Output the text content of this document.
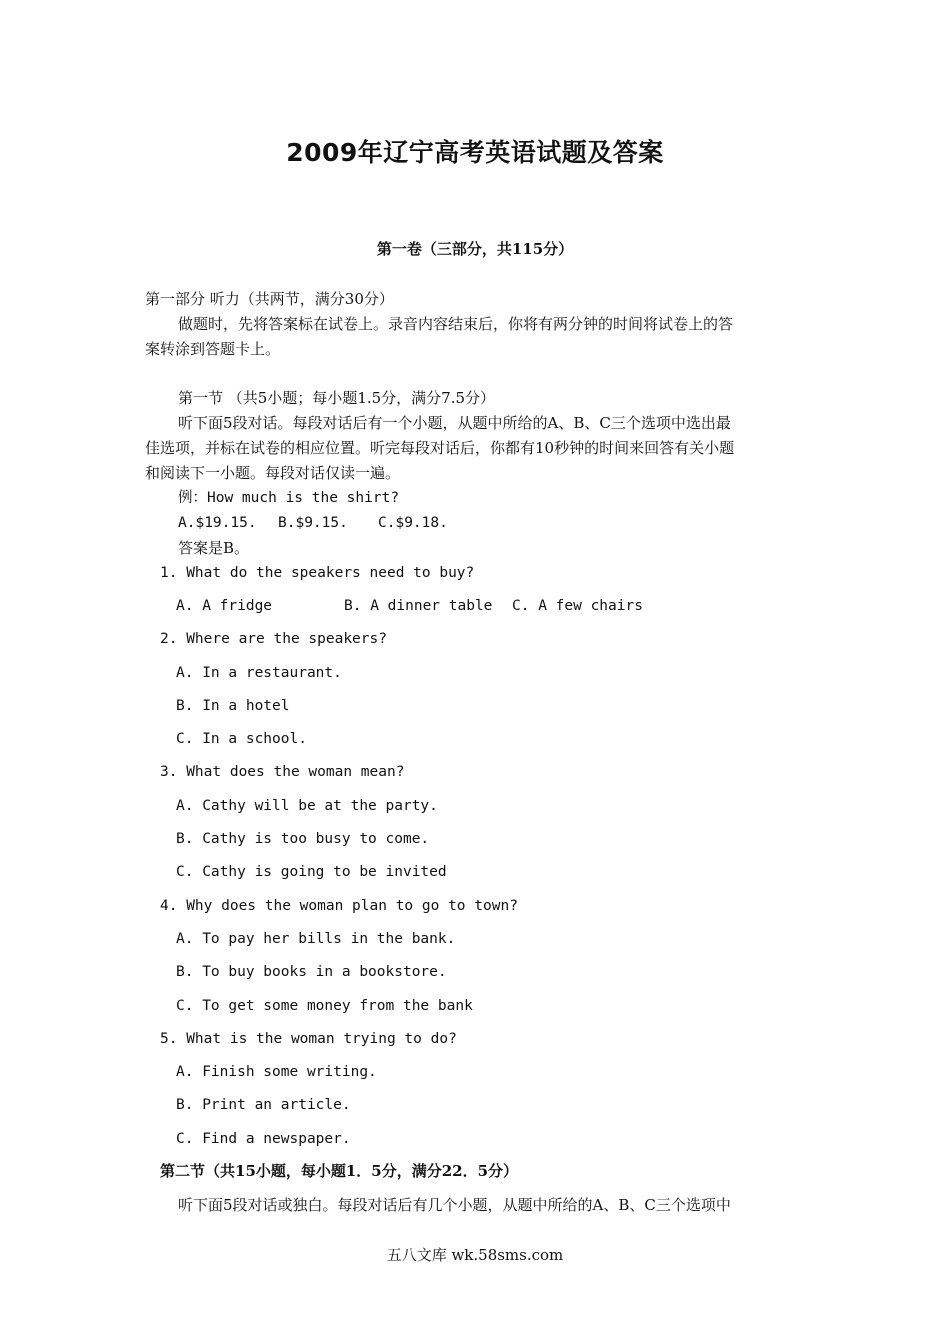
2009年辽宁高考英语试题及答案
第一卷（三部分，共115分）
第一部分 听力（共两节，满分30分）
做题时，先将答案标在试卷上。录音内容结束后，你将有两分钟的时间将试卷上的答
案转涂到答题卡上。
第一节 （共5小题；每小题1.5分，满分7.5分）
听下面5段对话。每段对话后有一个小题，从题中所给的A、B、C三个选项中选出最
佳选项，并标在试卷的相应位置。听完每段对话后，你都有10秒钟的时间来回答有关小题
和阅读下一小题。每段对话仅读一遍。
例：How much is the shirt?
A.$19.15. B.$9.15. C.$9.18.
答案是B。
1. What do the speakers need to buy?
A. A fridge	B. A dinner table C. A few chairs
2. Where are the speakers?
A. In a restaurant.
B. In a hotel
C. In a school.
3. What does the woman mean?
A. Cathy will be at the party.
B. Cathy is too busy to come.
C. Cathy is going to be invited
4. Why does the woman plan to go to town?
A. To pay her bills in the bank.
B. To buy books in a bookstore.
C. To get some money from the bank
5. What is the woman trying to do?
A. Finish some writing.
B. Print an article.
C. Find a newspaper.
第二节（共15小题，每小题1．5分，满分22．5分）
听下面5段对话或独白。每段对话后有几个小题，从题中所给的A、B、C三个选项中
五八文库 wk.58sms.com
